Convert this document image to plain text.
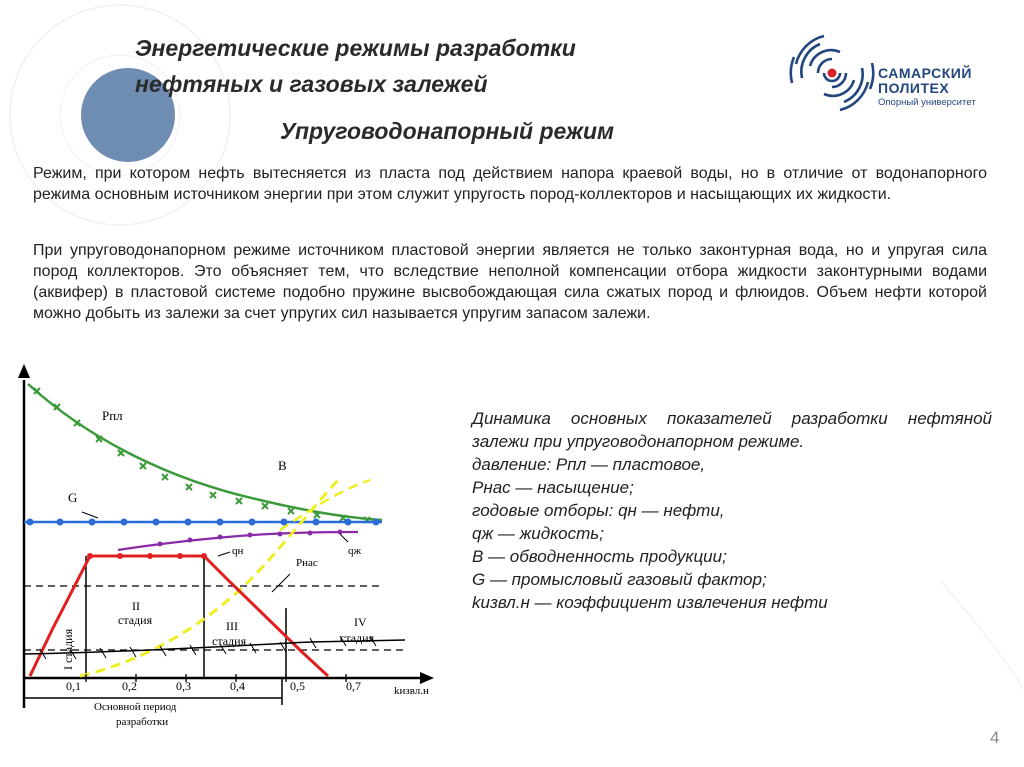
Энергетические режимы разработки
нефтяных и газовых залежей
Упруговодонапорный режим
САМАРСКИЙ
ПОЛИТЕХ
Опорный университет
Режим, при котором нефть вытесняется из пласта под действием напора краевой воды, но в отличие от водонапорного режима основным источником энергии при этом служит упругость пород-коллекторов и насыщающих их жидкости.
При упруговодонапорном режиме источником пластовой энергии является не только законтурная вода, но и упругая сила пород коллекторов. Это объясняет тем, что вследствие неполной компенсации отбора жидкости законтурными водами (аквифер) в пластовой системе подобно пружине высвобождающая сила сжатых пород и флюидов. Объем нефти которой можно добыть из залежи за счет упругих сил называется упругим запасом залежи.
Рпл
В
G
qн	qж
Рнас
I стадия
II
стадия	III
стадия
IV
стадия
0,1	0,2	0,3	0,4	0,5	0,7	kизвл.н
Основной период
разработки
Динамика основных показателей разработки нефтяной залежи при упруговодонапорном режиме.
давление: Рпл — пластовое,
Рнас — насыщение;
годовые отборы: qн — нефти,
qж — жидкость;
В — обводненность продукции;
G — промысловый газовый фактор;
kизвл.н — коэффициент извлечения нефти
4
